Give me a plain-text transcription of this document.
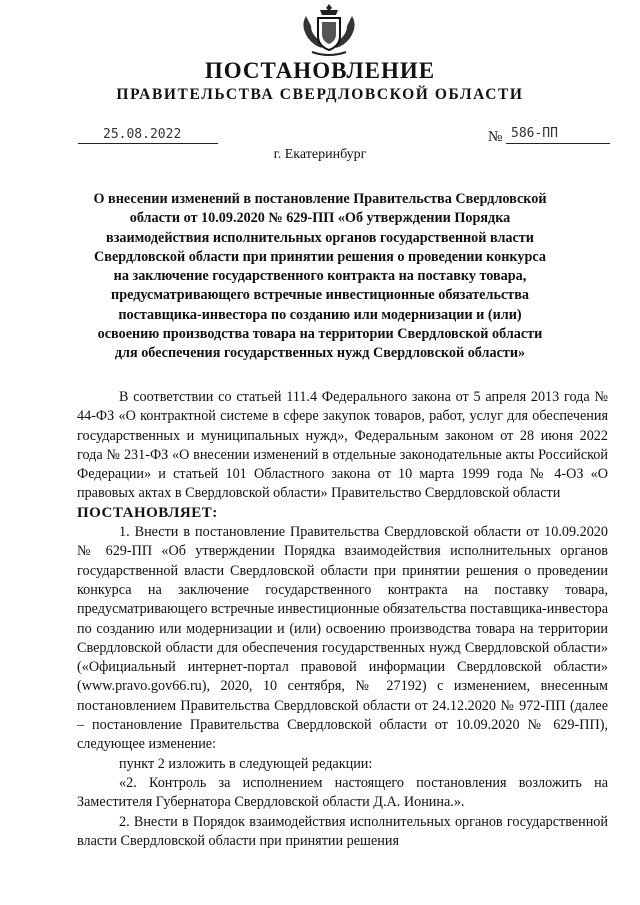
ПОСТАНОВЛЕНИЕ
ПРАВИТЕЛЬСТВА СВЕРДЛОВСКОЙ ОБЛАСТИ
25.08.2022	№ 586-ПП
г. Екатеринбург
О внесении изменений в постановление Правительства Свердловской области от 10.09.2020 № 629-ПП «Об утверждении Порядка взаимодействия исполнительных органов государственной власти Свердловской области при принятии решения о проведении конкурса на заключение государственного контракта на поставку товара, предусматривающего встречные инвестиционные обязательства поставщика-инвестора по созданию или модернизации и (или) освоению производства товара на территории Свердловской области для обеспечения государственных нужд Свердловской области»

В соответствии со статьей 111.4 Федерального закона от 5 апреля 2013 года № 44-ФЗ «О контрактной системе в сфере закупок товаров, работ, услуг для обеспечения государственных и муниципальных нужд», Федеральным законом от 28 июня 2022 года № 231-ФЗ «О внесении изменений в отдельные законодательные акты Российской Федерации» и статьей 101 Областного закона от 10 марта 1999 года № 4-ОЗ «О правовых актах в Свердловской области» Правительство Свердловской области

ПОСТАНОВЛЯЕТ:

1. Внести в постановление Правительства Свердловской области от 10.09.2020 № 629-ПП «Об утверждении Порядка взаимодействия исполнительных органов государственной власти Свердловской области при принятии решения о проведении конкурса на заключение государственного контракта на поставку товара, предусматривающего встречные инвестиционные обязательства поставщика-инвестора по созданию или модернизации и (или) освоению производства товара на территории Свердловской области для обеспечения государственных нужд Свердловской области» («Официальный интернет-портал правовой информации Свердловской области» (www.pravo.gov66.ru), 2020, 10 сентября, № 27192) с изменением, внесенным постановлением Правительства Свердловской области от 24.12.2020 № 972-ПП (далее – постановление Правительства Свердловской области от 10.09.2020 № 629-ПП), следующее изменение:

пункт 2 изложить в следующей редакции:

«2. Контроль за исполнением настоящего постановления возложить на Заместителя Губернатора Свердловской области Д.А. Ионина.».

2. Внести в Порядок взаимодействия исполнительных органов государственной власти Свердловской области при принятии решения
